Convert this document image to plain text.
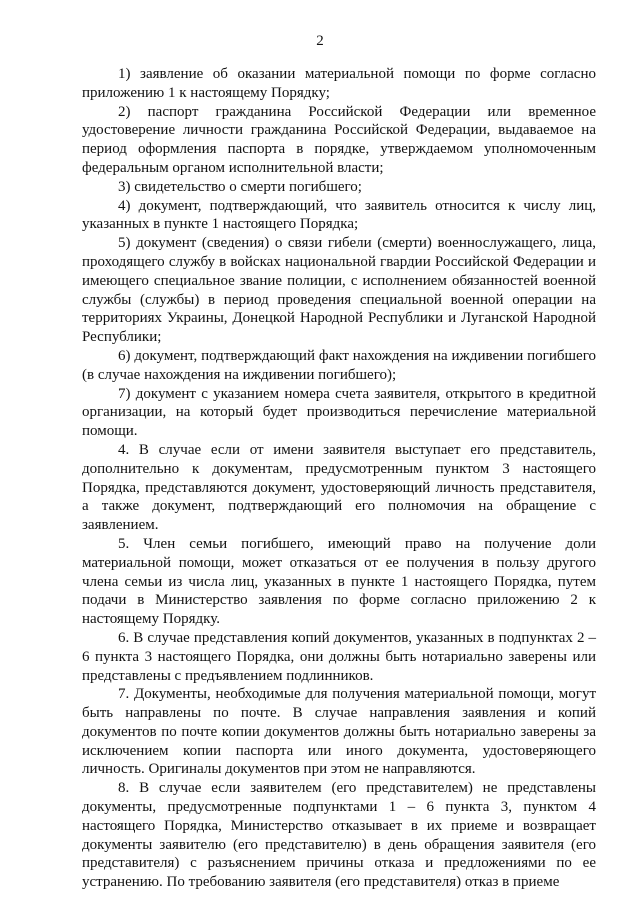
2

1) заявление об оказании материальной помощи по форме согласно приложению 1 к настоящему Порядку;

2) паспорт гражданина Российской Федерации или временное удостоверение личности гражданина Российской Федерации, выдаваемое на период оформления паспорта в порядке, утверждаемом уполномоченным федеральным органом исполнительной власти;

3) свидетельство о смерти погибшего;

4) документ, подтверждающий, что заявитель относится к числу лиц, указанных в пункте 1 настоящего Порядка;

5) документ (сведения) о связи гибели (смерти) военнослужащего, лица, проходящего службу в войсках национальной гвардии Российской Федерации и имеющего специальное звание полиции, с исполнением обязанностей военной службы (службы) в период проведения специальной военной операции на территориях Украины, Донецкой Народной Республики и Луганской Народной Республики;

6) документ, подтверждающий факт нахождения на иждивении погибшего (в случае нахождения на иждивении погибшего);

7) документ с указанием номера счета заявителя, открытого в кредитной организации, на который будет производиться перечисление материальной помощи.

4. В случае если от имени заявителя выступает его представитель, дополнительно к документам, предусмотренным пунктом 3 настоящего Порядка, представляются документ, удостоверяющий личность представителя, а также документ, подтверждающий его полномочия на обращение с заявлением.

5. Член семьи погибшего, имеющий право на получение доли материальной помощи, может отказаться от ее получения в пользу другого члена семьи из числа лиц, указанных в пункте 1 настоящего Порядка, путем подачи в Министерство заявления по форме согласно приложению 2 к настоящему Порядку.

6. В случае представления копий документов, указанных в подпунктах 2 – 6 пункта 3 настоящего Порядка, они должны быть нотариально заверены или представлены с предъявлением подлинников.

7. Документы, необходимые для получения материальной помощи, могут быть направлены по почте. В случае направления заявления и копий документов по почте копии документов должны быть нотариально заверены за исключением копии паспорта или иного документа, удостоверяющего личность. Оригиналы документов при этом не направляются.

8. В случае если заявителем (его представителем) не представлены документы, предусмотренные подпунктами 1 – 6 пункта 3, пунктом 4 настоящего Порядка, Министерство отказывает в их приеме и возвращает документы заявителю (его представителю) в день обращения заявителя (его представителя) с разъяснением причины отказа и предложениями по ее устранению. По требованию заявителя (его представителя) отказ в приеме
